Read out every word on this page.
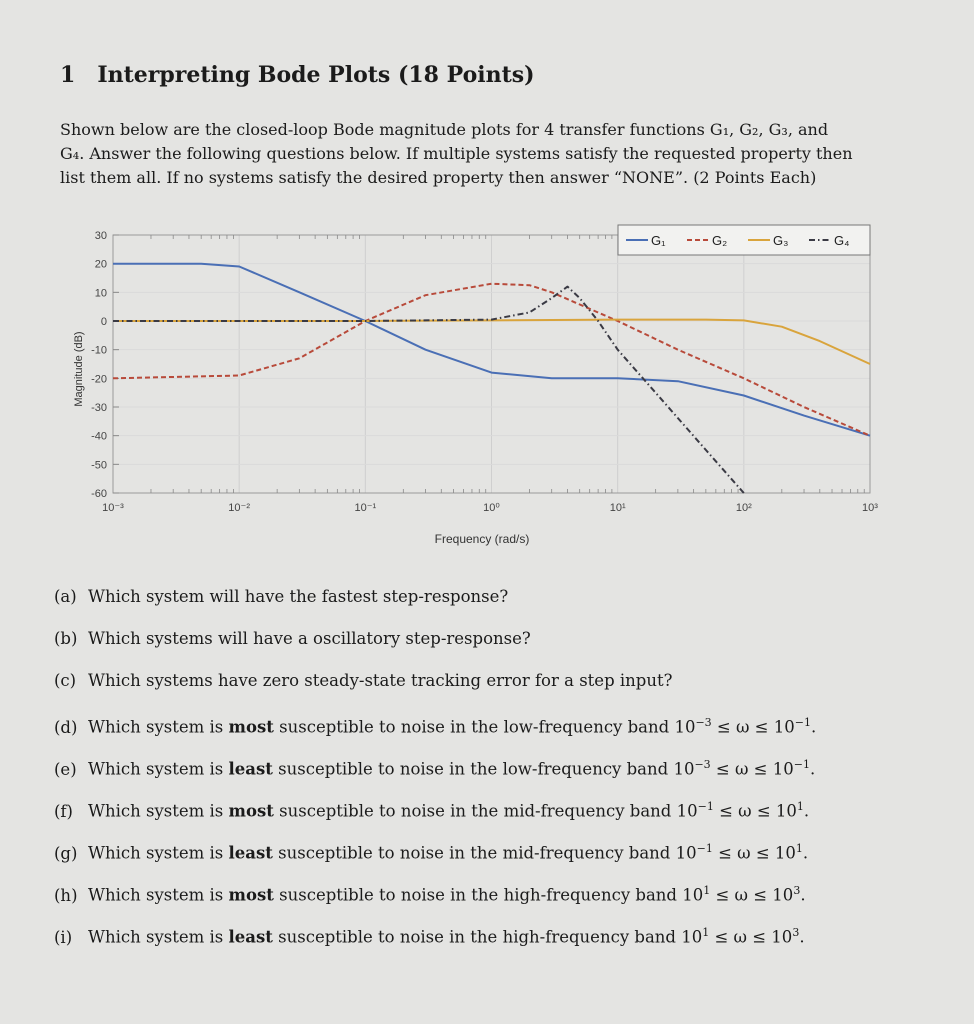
1 Interpreting Bode Plots (18 Points)

Shown below are the closed-loop Bode magnitude plots for 4 transfer functions G₁, G₂, G₃, and

G₄. Answer the following questions below. If multiple systems satisfy the requested property then

list them all. If no systems satisfy the desired property then answer “NONE”. (2 Points Each)

10⁻³	10⁻²	10⁻¹	10⁰	10¹	10²	10³
30
20
10
0
-10
-20
-30
-40
-50
-60
Magnitude (dB)
Frequency (rad/s)
G₁	G₂	G₃	G₄
(a) Which system will have the fastest step-response?
(b) Which systems will have a oscillatory step-response?
(c) Which systems have zero steady-state tracking error for a step input?
(d) Which system is most susceptible to noise in the low-frequency band $10^{-3} \le \omega \le 10^{-1}$.
(e) Which system is least susceptible to noise in the low-frequency band $10^{-3} \le \omega \le 10^{-1}$.
(f) Which system is most susceptible to noise in the mid-frequency band $10^{-1} \le \omega \le 10^1$.
(g) Which system is least susceptible to noise in the mid-frequency band $10^{-1} \le \omega \le 10^1$.
(h) Which system is most susceptible to noise in the high-frequency band $10^1 \le \omega \le 10^3$.
(i) Which system is least susceptible to noise in the high-frequency band $10^1 \le \omega \le 10^3$.
